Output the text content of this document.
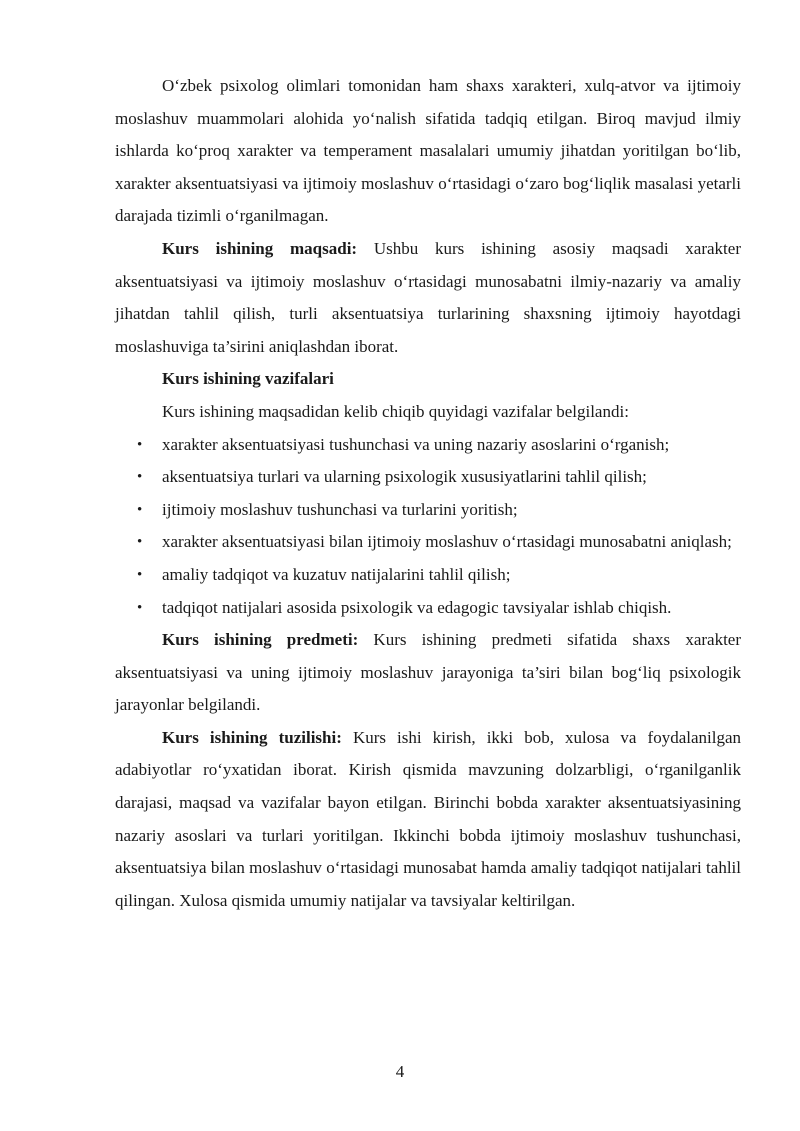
O‘zbek psixolog olimlari tomonidan ham shaxs xarakteri, xulq-atvor va ijtimoiy moslashuv muammolari alohida yo‘nalish sifatida tadqiq etilgan. Biroq mavjud ilmiy ishlarda ko‘proq xarakter va temperament masalalari umumiy jihatdan yoritilgan bo‘lib, xarakter aksentuatsiyasi va ijtimoiy moslashuv o‘rtasidagi o‘zaro bog‘liqlik masalasi yetarli darajada tizimli o‘rganilmagan.

Kurs ishining maqsadi: Ushbu kurs ishining asosiy maqsadi xarakter aksentuatsiyasi va ijtimoiy moslashuv o‘rtasidagi munosabatni ilmiy-nazariy va amaliy jihatdan tahlil qilish, turli aksentuatsiya turlarining shaxsning ijtimoiy hayotdagi moslashuviga ta’sirini aniqlashdan iborat.

Kurs ishining vazifalari

Kurs ishining maqsadidan kelib chiqib quyidagi vazifalar belgilandi:

• xarakter aksentuatsiyasi tushunchasi va uning nazariy asoslarini o‘rganish;
• aksentuatsiya turlari va ularning psixologik xususiyatlarini tahlil qilish;
• ijtimoiy moslashuv tushunchasi va turlarini yoritish;
• xarakter aksentuatsiyasi bilan ijtimoiy moslashuv o‘rtasidagi munosabatni aniqlash;
• amaliy tadqiqot va kuzatuv natijalarini tahlil qilish;
• tadqiqot natijalari asosida psixologik va edagogic tavsiyalar ishlab chiqish.

Kurs ishining predmeti: Kurs ishining predmeti sifatida shaxs xarakter aksentuatsiyasi va uning ijtimoiy moslashuv jarayoniga ta’siri bilan bog‘liq psixologik jarayonlar belgilandi.

Kurs ishining tuzilishi: Kurs ishi kirish, ikki bob, xulosa va foydalanilgan adabiyotlar ro‘yxatidan iborat. Kirish qismida mavzuning dolzarbligi, o‘rganilganlik darajasi, maqsad va vazifalar bayon etilgan. Birinchi bobda xarakter aksentuatsiyasining nazariy asoslari va turlari yoritilgan. Ikkinchi bobda ijtimoiy moslashuv tushunchasi, aksentuatsiya bilan moslashuv o‘rtasidagi munosabat hamda amaliy tadqiqot natijalari tahlil qilingan. Xulosa qismida umumiy natijalar va tavsiyalar keltirilgan.

4
